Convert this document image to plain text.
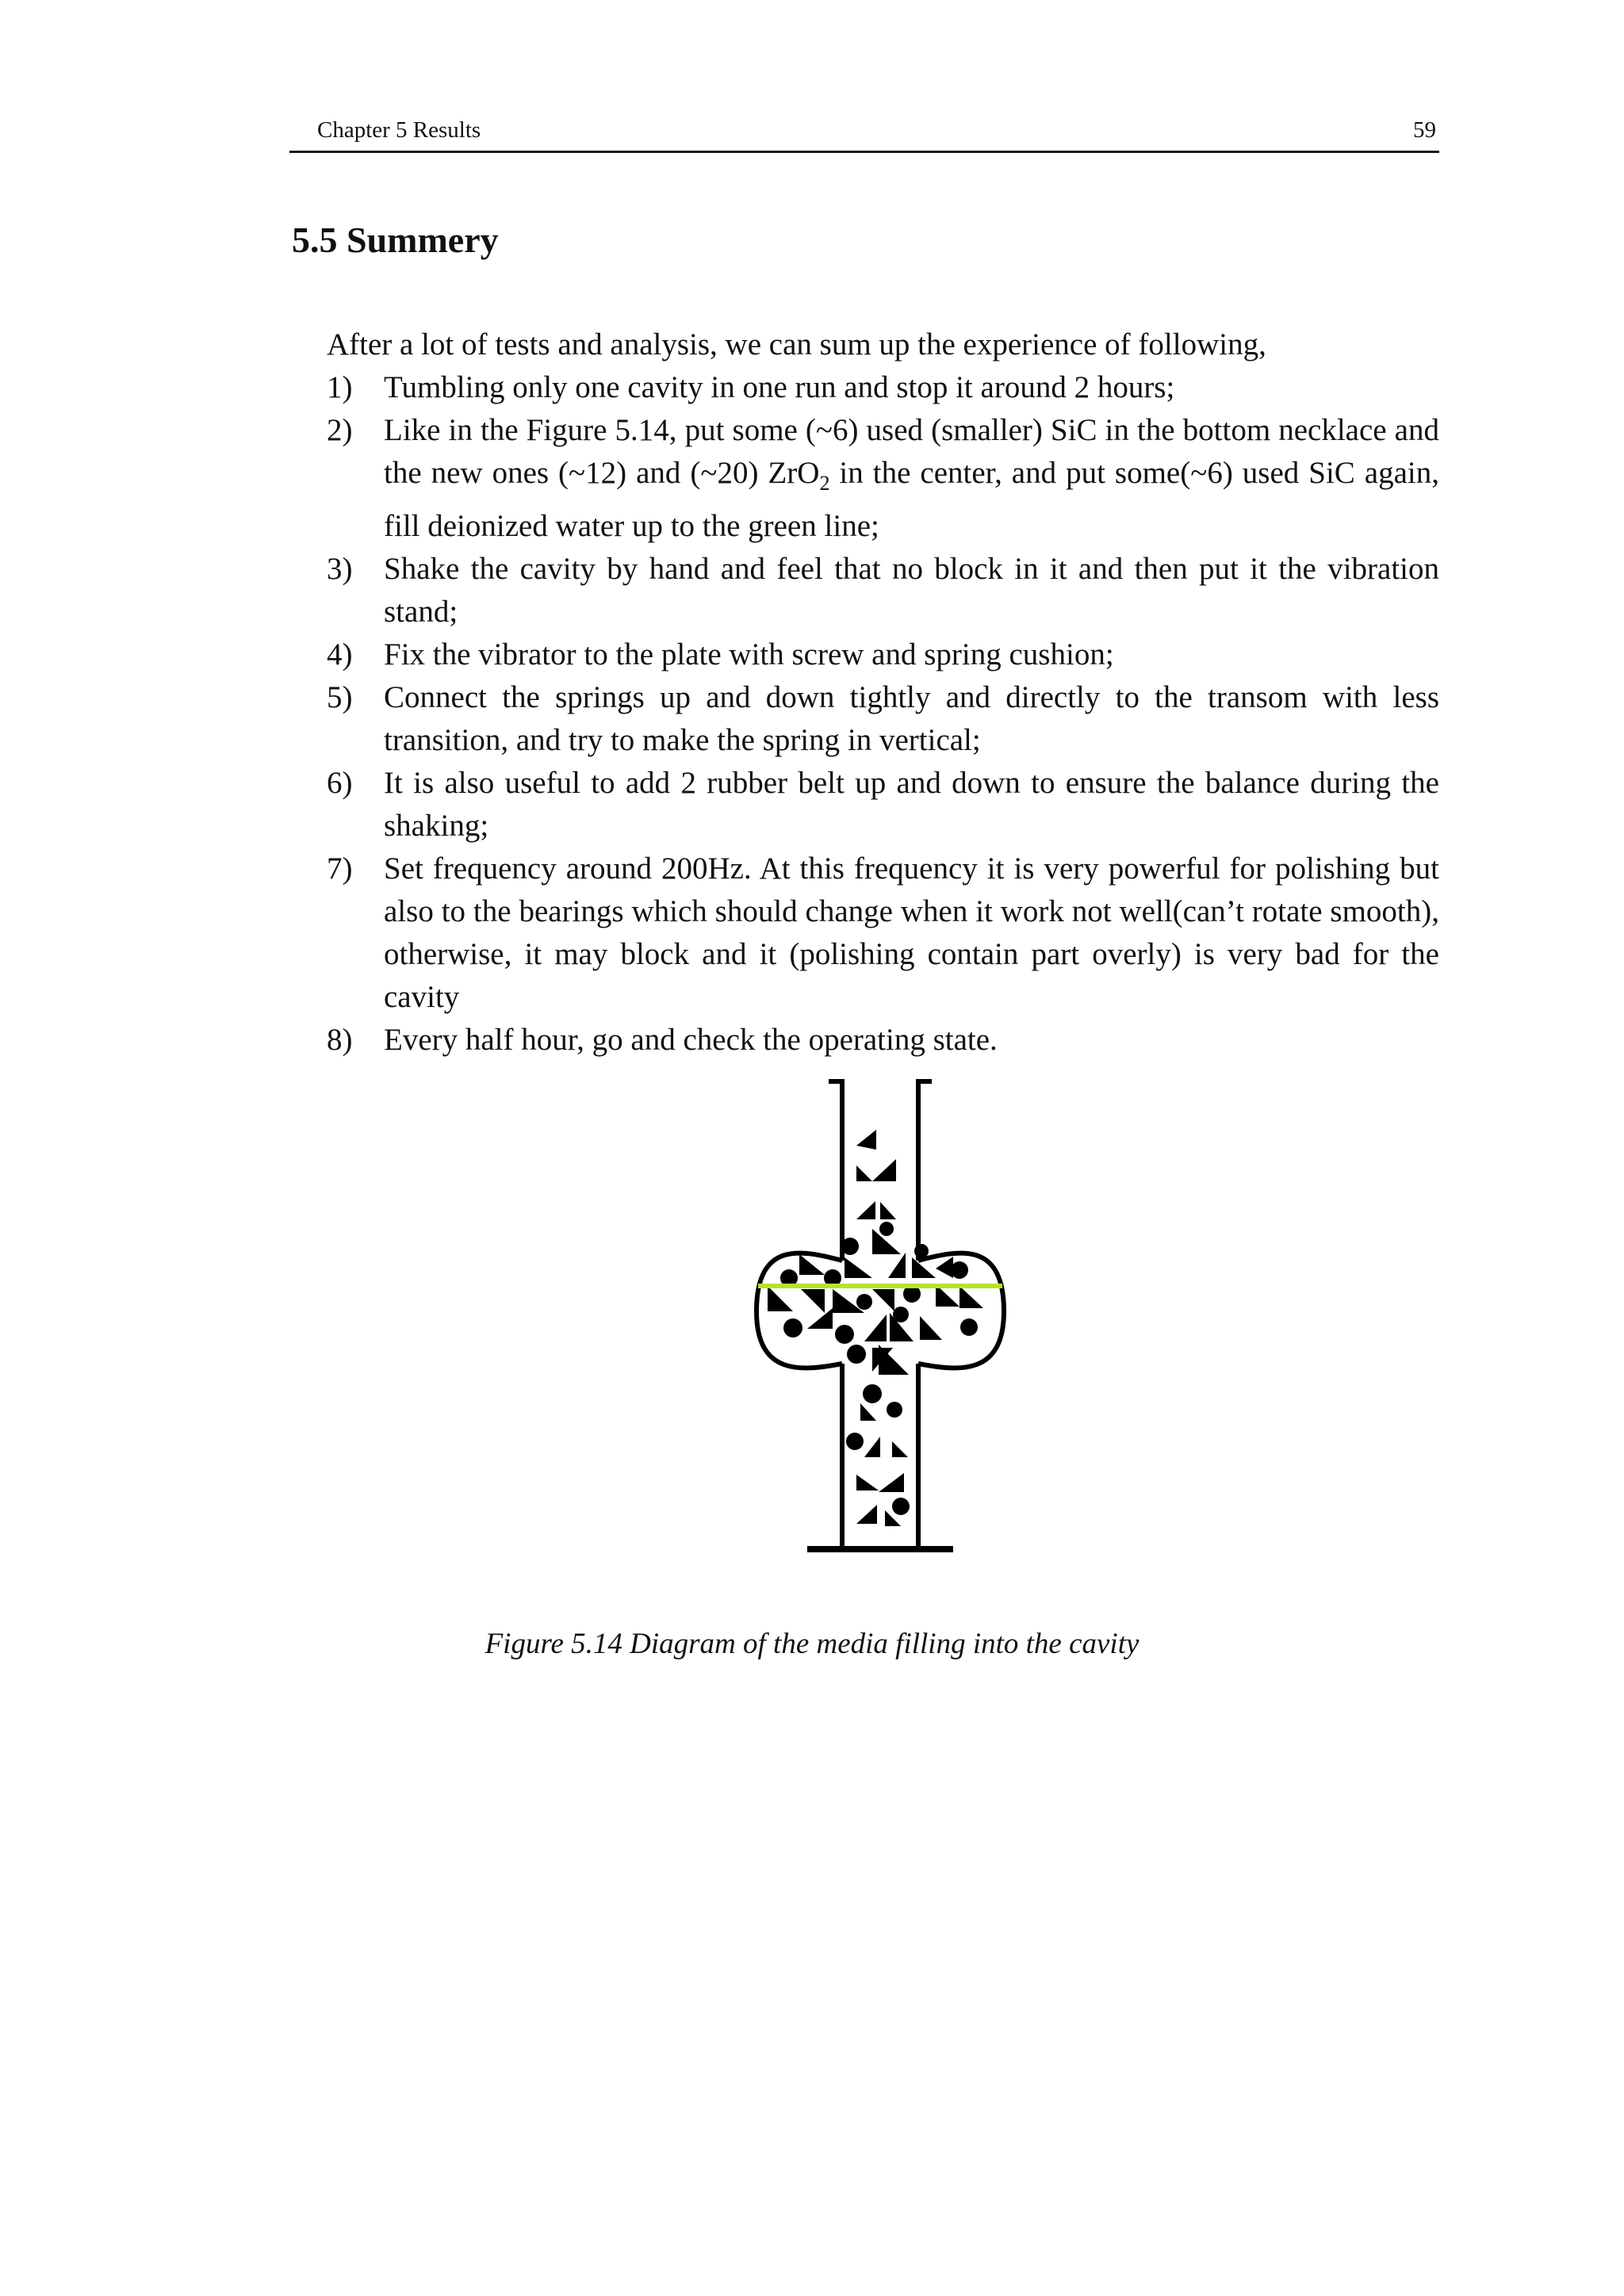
Chapter 5 Results	59
5.5 Summery

After a lot of tests and analysis, we can sum up the experience of following,

1) Tumbling only one cavity in one run and stop it around 2 hours;
2) Like in the Figure 5.14, put some (~6) used (smaller) SiC in the bottom necklace and the new ones (~12) and (~20) ZrO$_2$ in the center, and put some(~6) used SiC again, fill deionized water up to the green line;
3) Shake the cavity by hand and feel that no block in it and then put it the vibration stand;
4) Fix the vibrator to the plate with screw and spring cushion;
5) Connect the springs up and down tightly and directly to the transom with less transition, and try to make the spring in vertical;
6) It is also useful to add 2 rubber belt up and down to ensure the balance during the shaking;
7) Set frequency around 200Hz. At this frequency it is very powerful for polishing but also to the bearings which should change when it work not well(can’t rotate smooth), otherwise, it may block and it (polishing contain part overly) is very bad for the cavity
8) Every half hour, go and check the operating state.
Figure 5.14 Diagram of the media filling into the cavity
